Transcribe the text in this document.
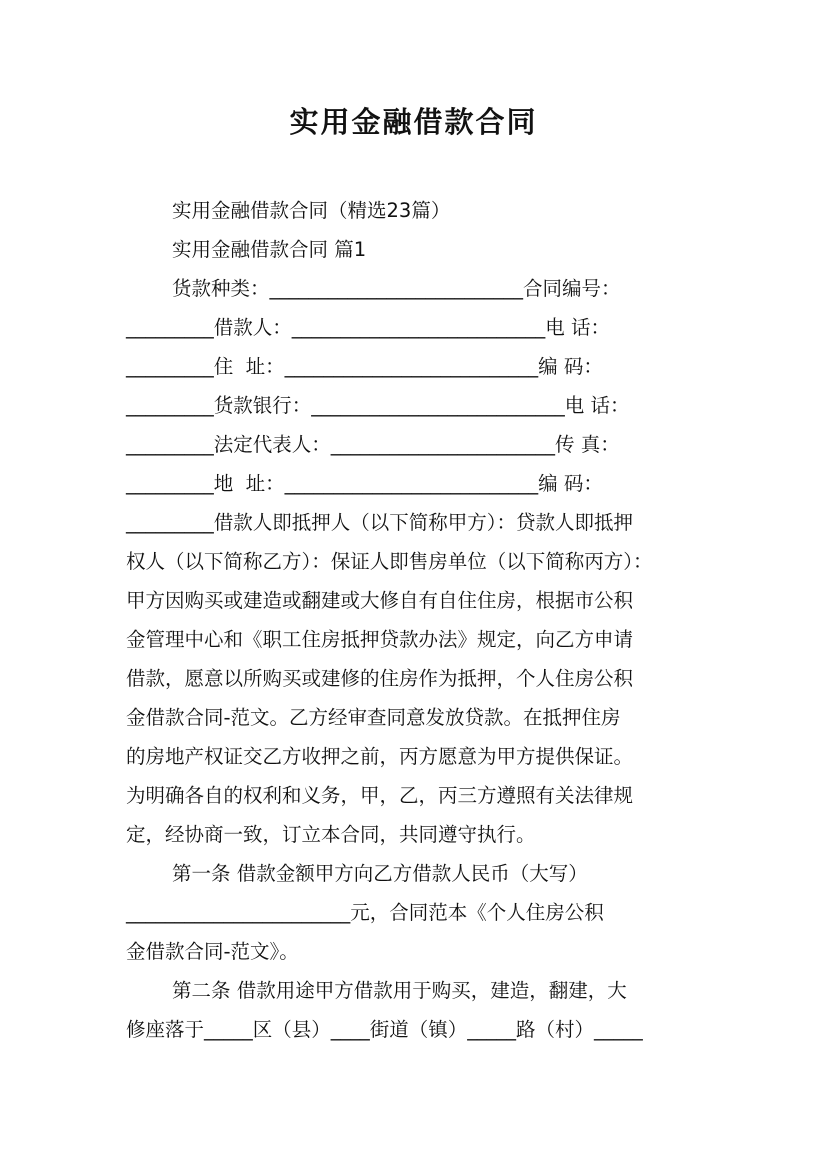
实用金融借款合同
实用金融借款合同（精选23篇）
实用金融借款合同 篇1
货款种类：__________________________合同编号：
_________借款人：__________________________电 话：
_________住  址：__________________________编 码：
_________货款银行：__________________________电 话：
_________法定代表人：_______________________传 真：
_________地  址：__________________________编 码：
_________借款人即抵押人（以下简称甲方）：贷款人即抵押
权人（以下简称乙方）：保证人即售房单位（以下简称丙方）：
甲方因购买或建造或翻建或大修自有自住住房，根据市公积
金管理中心和《职工住房抵押贷款办法》规定，向乙方申请
借款，愿意以所购买或建修的住房作为抵押，个人住房公积
金借款合同-范文。乙方经审查同意发放贷款。在抵押住房
的房地产权证交乙方收押之前，丙方愿意为甲方提供保证。
为明确各自的权利和义务，甲，乙，丙三方遵照有关法律规
定，经协商一致，订立本合同，共同遵守执行。
第一条 借款金额甲方向乙方借款人民币（大写）
_______________________元，合同范本《个人住房公积
金借款合同-范文》。
第二条 借款用途甲方借款用于购买，建造，翻建，大
修座落于_____区（县）____街道（镇）_____路（村）_____
